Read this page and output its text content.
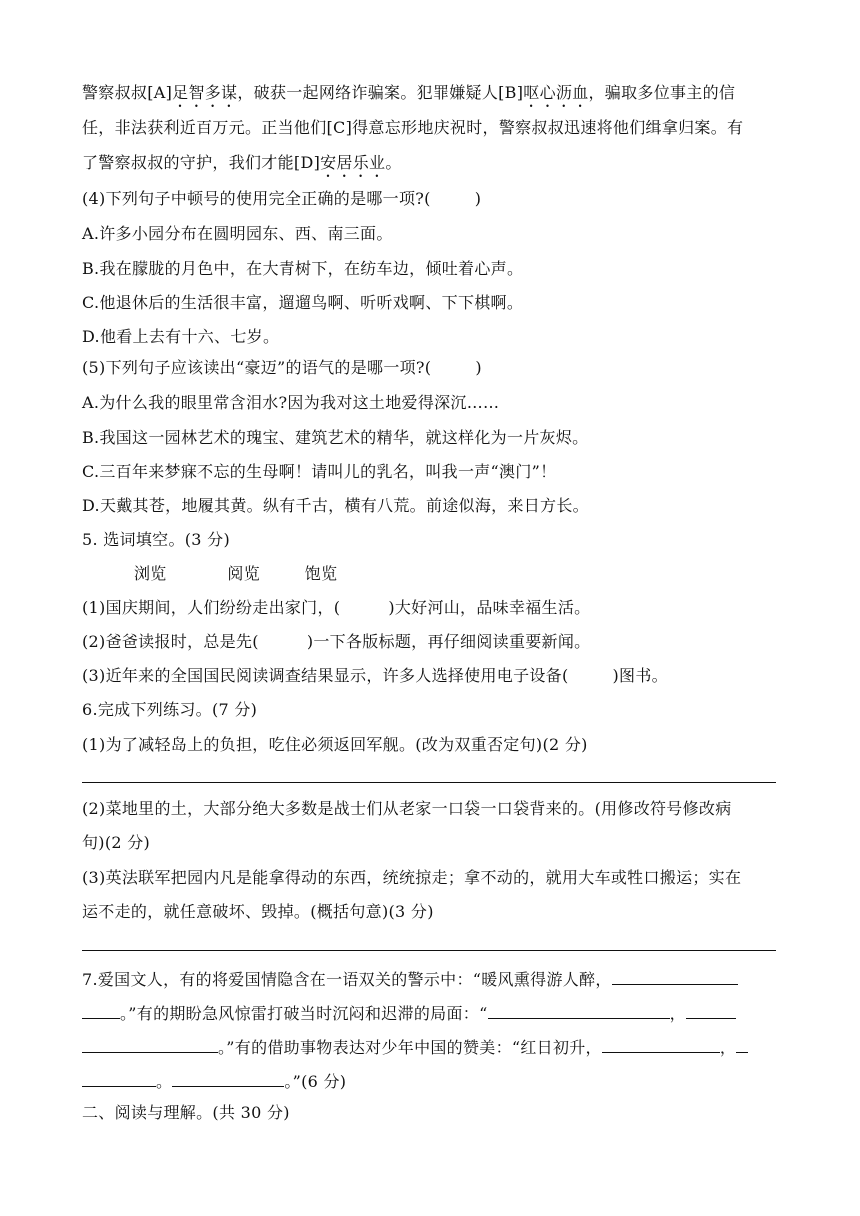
警察叔叔[A]足智多谋，破获一起网络诈骗案。犯罪嫌疑人[B]呕心沥血，骗取多位事主的信
任，非法获利近百万元。正当他们[C]得意忘形地庆祝时，警察叔叔迅速将他们缉拿归案。有
了警察叔叔的守护，我们才能[D]安居乐业。
(4)下列句子中顿号的使用完全正确的是哪一项?(	)
A.许多小园分布在圆明园东、西、南三面。
B.我在朦胧的月色中，在大青树下，在纺车边，倾吐着心声。
C.他退休后的生活很丰富，遛遛鸟啊、听听戏啊、下下棋啊。
D.他看上去有十六、七岁。
(5)下列句子应该读出“豪迈”的语气的是哪一项?(	)
A.为什么我的眼里常含泪水?因为我对这土地爱得深沉……
B.我国这一园林艺术的瑰宝、建筑艺术的精华，就这样化为一片灰烬。
C.三百年来梦寐不忘的生母啊！请叫儿的乳名，叫我一声“澳门”！
D.天戴其苍，地履其黄。纵有千古，横有八荒。前途似海，来日方长。
5. 选词填空。(3 分)
浏览	阅览	饱览
(1)国庆期间，人们纷纷走出家门，(	)大好河山，品味幸福生活。
(2)爸爸读报时，总是先(	)一下各版标题，再仔细阅读重要新闻。
(3)近年来的全国国民阅读调查结果显示，许多人选择使用电子设备(	)图书。
6.完成下列练习。(7 分)
(1)为了减轻岛上的负担，吃住必须返回军舰。(改为双重否定句)(2 分)
(2)菜地里的土，大部分绝大多数是战士们从老家一口袋一口袋背来的。(用修改符号修改病
句)(2 分)
(3)英法联军把园内凡是能拿得动的东西，统统掠走；拿不动的，就用大车或牲口搬运；实在
运不走的，就任意破坏、毁掉。(概括句意)(3 分)
7.爱国文人，有的将爱国情隐含在一语双关的警示中：“暖风熏得游人醉，
。”有的期盼急风惊雷打破当时沉闷和迟滞的局面：“	，
。”有的借助事物表达对少年中国的赞美：“红日初升，	，
。	。”(6 分)
二、阅读与理解。(共 30 分)
